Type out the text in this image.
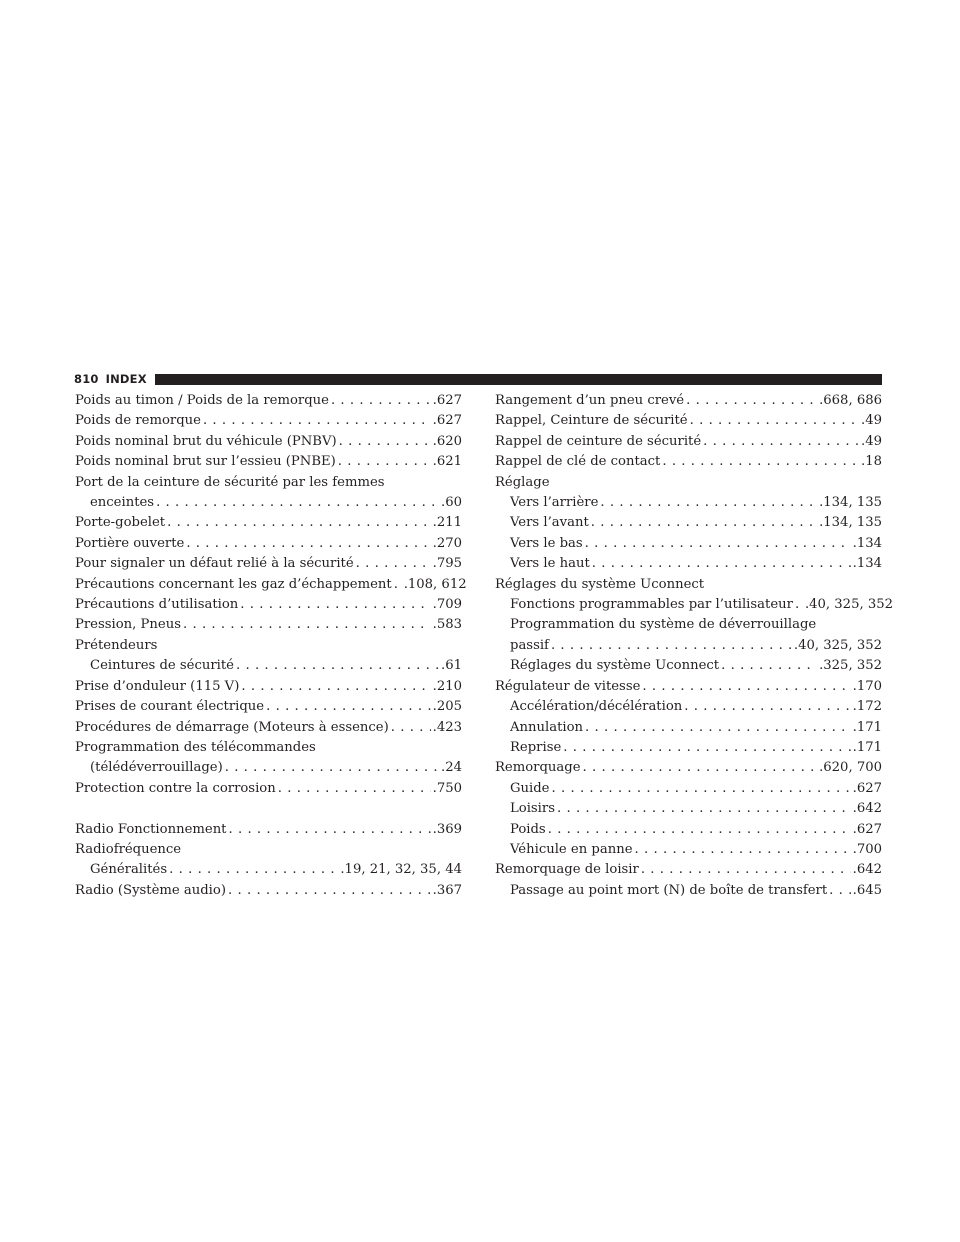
810 INDEX
Poids au timon / Poids de la remorque . . .	.627
Poids de remorque . . .	.627
Poids nominal brut du véhicule (PNBV) . . .	.620
Poids nominal brut sur l’essieu (PNBE) . . .	.621
Port de la ceinture de sécurité par les femmes
enceintes . . .	.60
Porte-gobelet . . .	.211
Portière ouverte . . .	.270
Pour signaler un défaut relié à la sécurité . . .	.795
Précautions concernant les gaz d’échappement . . . .108, 612
Précautions d’utilisation . . .	.709
Pression, Pneus . . .	.583
Prétendeurs
Ceintures de sécurité . . .	.61
Prise d’onduleur (115 V) . . .	.210
Prises de courant électrique . . .	.205
Procédures de démarrage (Moteurs à essence) . . .	.423
Programmation des télécommandes
(télédéverrouillage) . . .	.24
Protection contre la corrosion . . .	.750
Radio Fonctionnement . . .	.369
Radiofréquence
Généralités . . .	.19, 21, 32, 35, 44
Radio (Système audio) . . .	.367
Rangement d’un pneu crevé . . .	.668, 686
Rappel, Ceinture de sécurité . . .	.49
Rappel de ceinture de sécurité . . .	.49
Rappel de clé de contact . . .	.18
Réglage
Vers l’arrière . . .	.134, 135
Vers l’avant . . .	.134, 135
Vers le bas . . .	.134
Vers le haut . . .	.134
Réglages du système Uconnect
Fonctions programmables par l’utilisateur . . . .40, 325, 352
Programmation du système de déverrouillage
passif . . .	.40, 325, 352
Réglages du système Uconnect . . .	.325, 352
Régulateur de vitesse . . .	.170
Accélération/décélération . . .	.172
Annulation . . .	.171
Reprise . . .	.171
Remorquage . . .	.620, 700
Guide . . .	.627
Loisirs . . .	.642
Poids . . .	.627
Véhicule en panne . . .	.700
Remorquage de loisir . . .	.642
Passage au point mort (N) de boîte de transfert . . . .645
